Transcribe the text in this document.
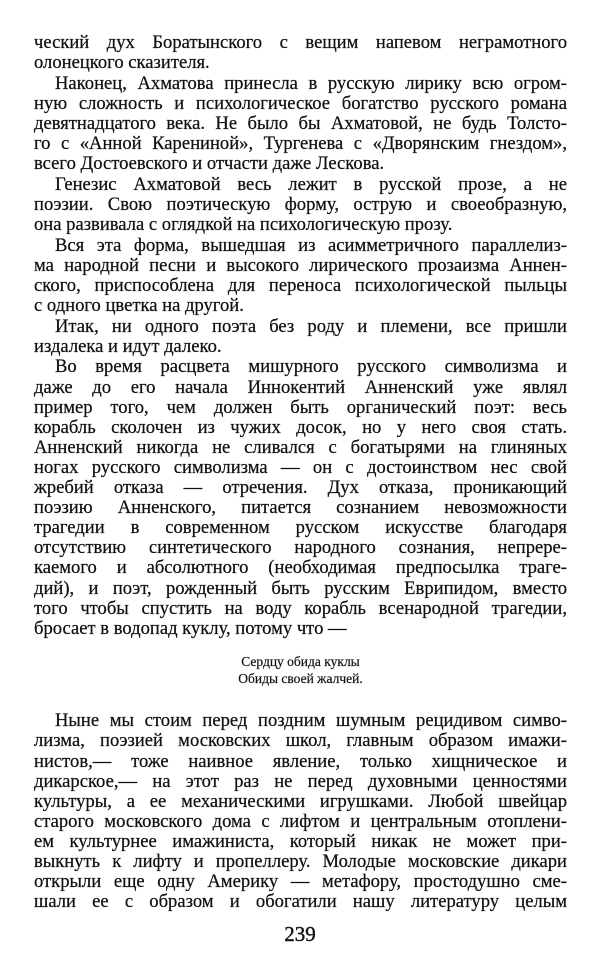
ческий дух Боратынского с вещим напевом неграмотного
олонецкого сказителя.
Наконец, Ахматова принесла в русскую лирику всю огром-
ную сложность и психологическое богатство русского романа
девятнадцатого века. Не было бы Ахматовой, не будь Толсто-
го с «Анной Карениной», Тургенева с «Дворянским гнездом»,
всего Достоевского и отчасти даже Лескова.
Генезис Ахматовой весь лежит в русской прозе, а не
поэзии. Свою поэтическую форму, острую и своеобразную,
она развивала с оглядкой на психологическую прозу.
Вся эта форма, вышедшая из асимметричного параллелиз-
ма народной песни и высокого лирического прозаизма Аннен-
ского, приспособлена для переноса психологической пыльцы
с одного цветка на другой.
Итак, ни одного поэта без роду и племени, все пришли
издалека и идут далеко.
Во время расцвета мишурного русского символизма и
даже до его начала Иннокентий Анненский уже являл
пример того, чем должен быть органический поэт: весь
корабль сколочен из чужих досок, но у него своя стать.
Анненский никогда не сливался с богатырями на глиняных
ногах русского символизма — он с достоинством нес свой
жребий отказа — отречения. Дух отказа, проникающий
поэзию Анненского, питается сознанием невозможности
трагедии в современном русском искусстве благодаря
отсутствию синтетического народного сознания, непрере-
каемого и абсолютного (необходимая предпосылка траге-
дий), и поэт, рожденный быть русским Еврипидом, вместо
того чтобы спустить на воду корабль всенародной трагедии,
бросает в водопад куклу, потому что —
Сердцу обида куклы
Обиды своей жалчей.
Ныне мы стоим перед поздним шумным рецидивом симво-
лизма, поэзией московских школ, главным образом имажи-
нистов,— тоже наивное явление, только хищническое и
дикарское,— на этот раз не перед духовными ценностями
культуры, а ее механическими игрушками. Любой швейцар
старого московского дома с лифтом и центральным отоплени-
ем культурнее имажиниста, который никак не может при-
выкнуть к лифту и пропеллеру. Молодые московские дикари
открыли еще одну Америку — метафору, простодушно сме-
шали ее с образом и обогатили нашу литературу целым
239
